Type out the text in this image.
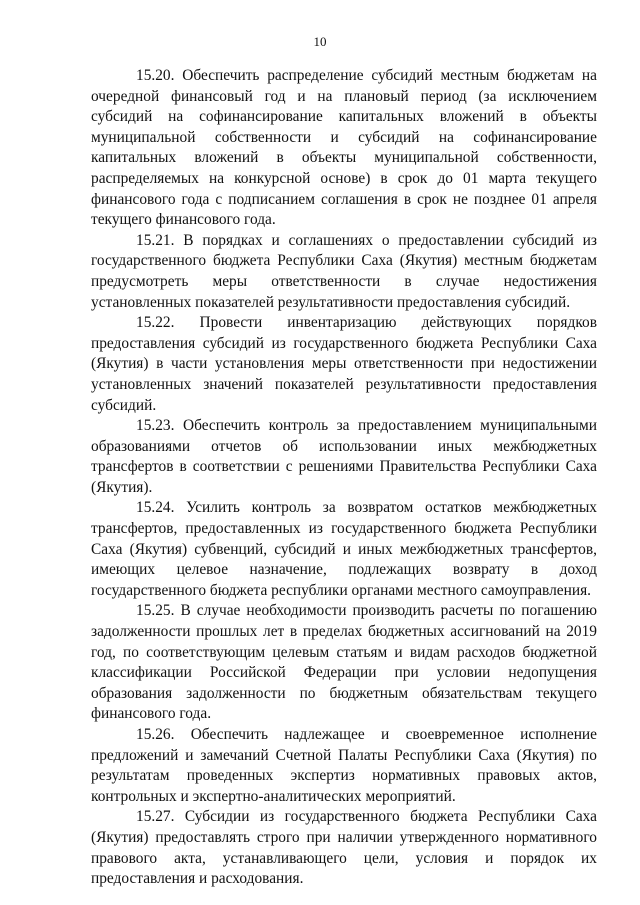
10

15.20. Обеспечить распределение субсидий местным бюджетам на очередной финансовый год и на плановый период (за исключением субсидий на софинансирование капитальных вложений в объекты муниципальной собственности и субсидий на софинансирование капитальных вложений в объекты муниципальной собственности, распределяемых на конкурсной основе) в срок до 01 марта текущего финансового года с подписанием соглашения в срок не позднее 01 апреля текущего финансового года.

15.21. В порядках и соглашениях о предоставлении субсидий из государственного бюджета Республики Саха (Якутия) местным бюджетам предусмотреть меры ответственности в случае недостижения установленных показателей результативности предоставления субсидий.

15.22. Провести инвентаризацию действующих порядков предоставления субсидий из государственного бюджета Республики Саха (Якутия) в части установления меры ответственности при недостижении установленных значений показателей результативности предоставления субсидий.

15.23. Обеспечить контроль за предоставлением муниципальными образованиями отчетов об использовании иных межбюджетных трансфертов в соответствии с решениями Правительства Республики Саха (Якутия).

15.24. Усилить контроль за возвратом остатков межбюджетных трансфертов, предоставленных из государственного бюджета Республики Саха (Якутия) субвенций, субсидий и иных межбюджетных трансфертов, имеющих целевое назначение, подлежащих возврату в доход государственного бюджета республики органами местного самоуправления.

15.25. В случае необходимости производить расчеты по погашению задолженности прошлых лет в пределах бюджетных ассигнований на 2019 год, по соответствующим целевым статьям и видам расходов бюджетной классификации Российской Федерации при условии недопущения образования задолженности по бюджетным обязательствам текущего финансового года.

15.26. Обеспечить надлежащее и своевременное исполнение предложений и замечаний Счетной Палаты Республики Саха (Якутия) по результатам проведенных экспертиз нормативных правовых актов, контрольных и экспертно-аналитических мероприятий.

15.27. Субсидии из государственного бюджета Республики Саха (Якутия) предоставлять строго при наличии утвержденного нормативного правового акта, устанавливающего цели, условия и порядок их предоставления и расходования.
